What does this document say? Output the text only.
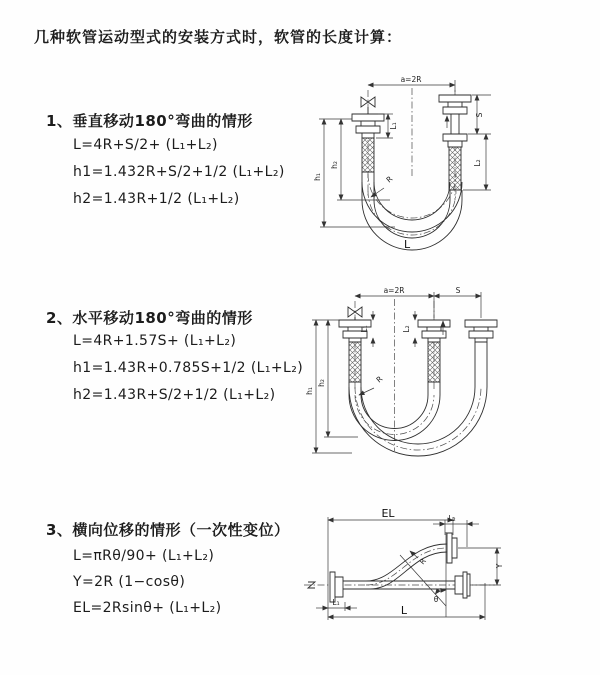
几种软管运动型式的安装方式时，软管的长度计算：
1、垂直移动180°弯曲的情形
L=4R+S/2+ (L₁+L₂)
h1=1.432R+S/2+1/2 (L₁+L₂)
h2=1.43R+1/2 (L₁+L₂)
2、水平移动180°弯曲的情形
L=4R+1.57S+ (L₁+L₂)
h1=1.43R+0.785S+1/2 (L₁+L₂)
h2=1.43R+S/2+1/2 (L₁+L₂)
3、横向位移的情形（一次性变位）
L=πRθ/90+ (L₁+L₂)
Y=2R (1−cosθ)
EL=2Rsinθ+ (L₁+L₂)
a=2R
L₁
S
L₂
h₁
h₂
R
L
a=2R	S
L₁	L₂
h₁
h₂	R
EL	L₂
Y
R
θ
L₁
L
